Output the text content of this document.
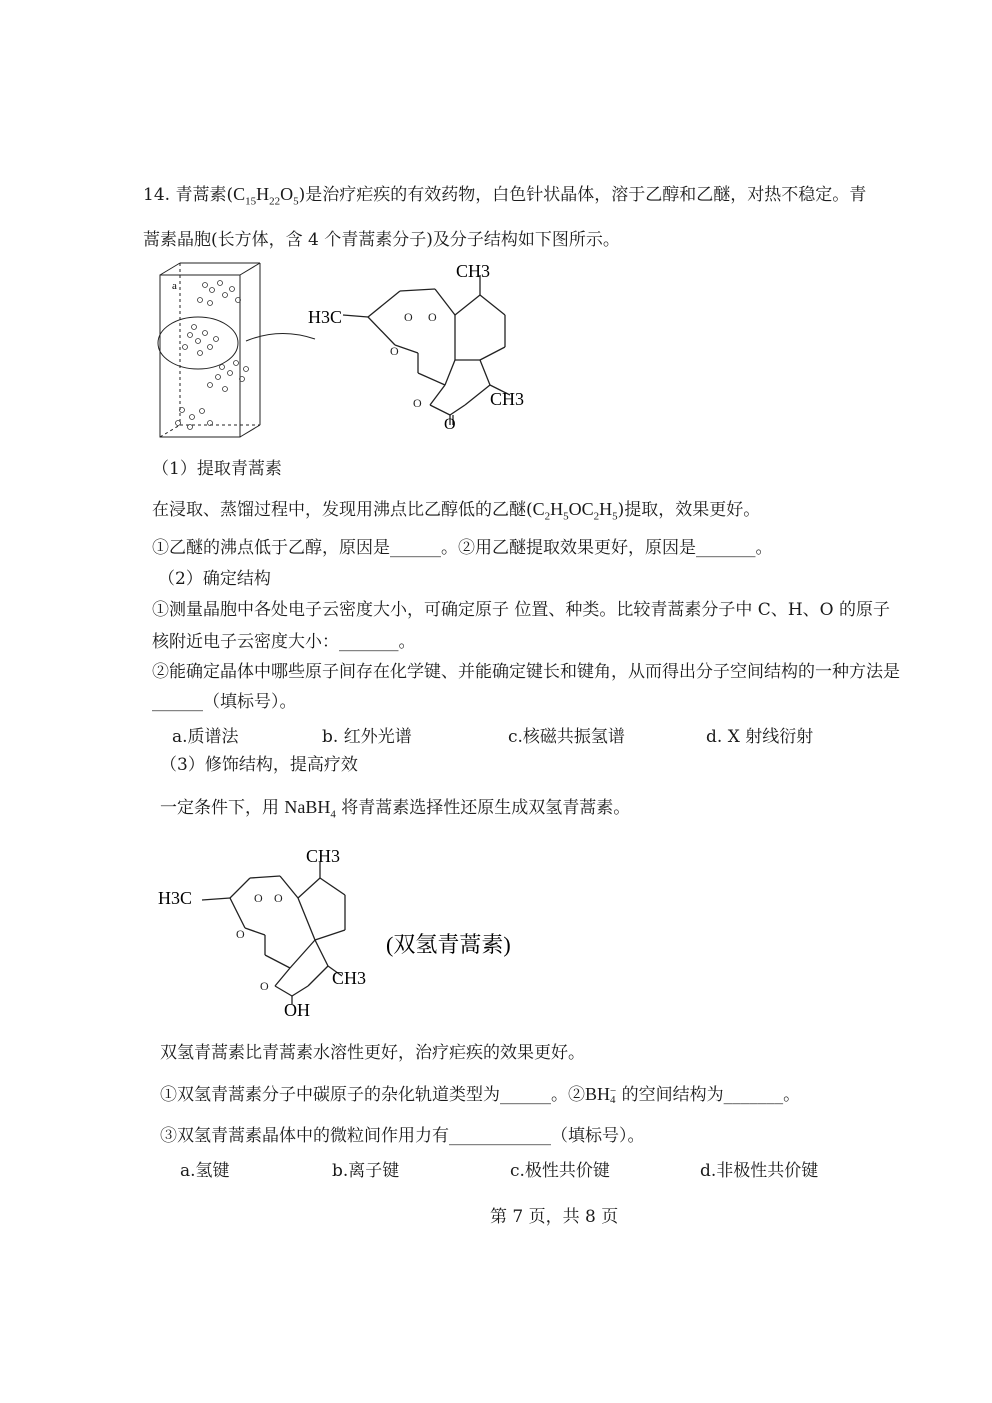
14. 青蒿素$(C_{15}H_{22}O_5)$是治疗疟疾的有效药物，白色针状晶体，溶于乙醇和乙醚，对热不稳定。青
蒿素晶胞(长方体，含 4 个青蒿素分子)及分子结构如下图所示。
a
O O
O
O
CH3
H3C
CH3
O
（1）提取青蒿素
在浸取、蒸馏过程中，发现用沸点比乙醇低的乙醚$(C_2H_5OC_2H_5)$提取，效果更好。
①乙醚的沸点低于乙醇，原因是______。②用乙醚提取效果更好，原因是_______。
（2）确定结构
①测量晶胞中各处电子云密度大小，可确定原子 位置、种类。比较青蒿素分子中 C、H、O 的原子
核附近电子云密度大小：_______。
②能确定晶体中哪些原子间存在化学键、并能确定键长和键角，从而得出分子空间结构的一种方法是
______（填标号）。
a.质谱法	b. 红外光谱	c.核磁共振氢谱	d. X 射线衍射
（3）修饰结构，提高疗效
一定条件下，用 NaBH$_4$ 将青蒿素选择性还原生成双氢青蒿素。
O O
O
O
CH3
H3C
CH3
OH
(双氢青蒿素)
双氢青蒿素比青蒿素水溶性更好，治疗疟疾的效果更好。
①双氢青蒿素分子中碳原子的杂化轨道类型为______。②BH −
4 的空间结构为_______。
③双氢青蒿素晶体中的微粒间作用力有____________（填标号）。
a.氢键	b.离子键	c.极性共价键	d.非极性共价键
第 7 页，共 8 页
